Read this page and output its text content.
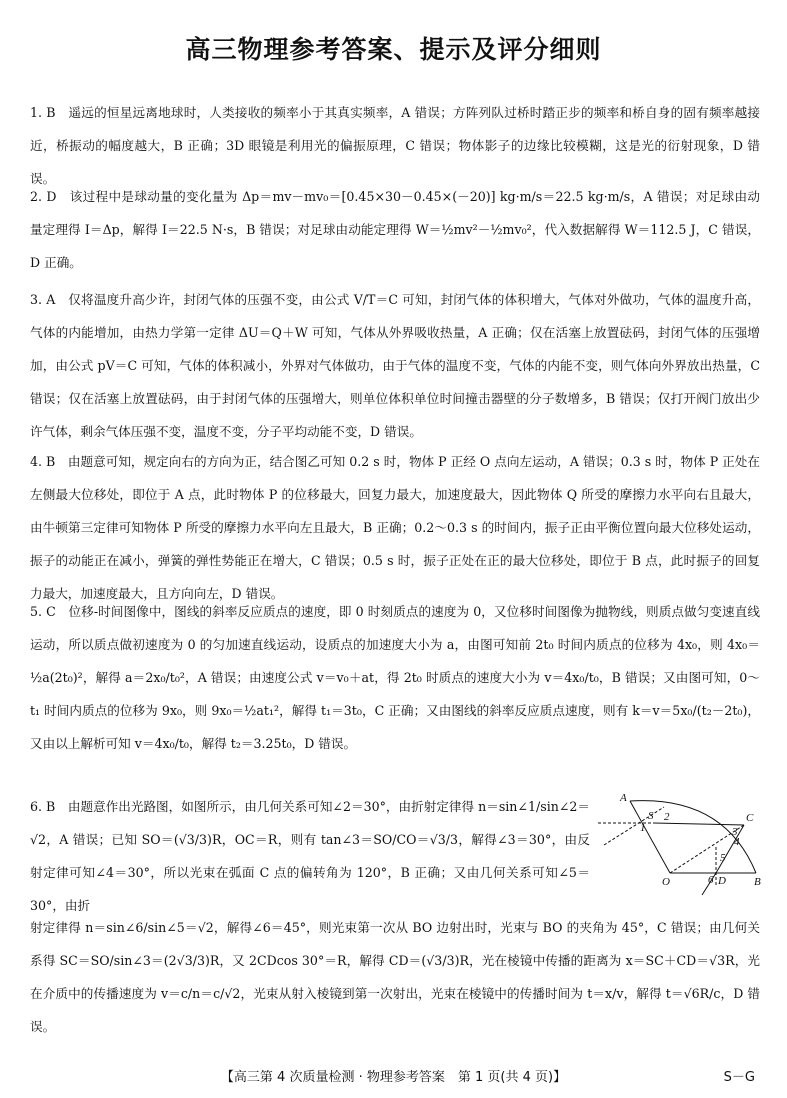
高三物理参考答案、提示及评分细则
1. B　遥远的恒星远离地球时，人类接收的频率小于其真实频率，A 错误；方阵列队过桥时踏正步的频率和桥自身的固有频率越接近，桥振动的幅度越大，B 正确；3D 眼镜是利用光的偏振原理，C 错误；物体影子的边缘比较模糊，这是光的衍射现象，D 错误。
2. D　该过程中是球动量的变化量为 Δp＝mv－mv₀＝[0.45×30－0.45×(－20)] kg·m/s＝22.5 kg·m/s，A 错误；对足球由动量定理得 I＝Δp，解得 I＝22.5 N·s，B 错误；对足球由动能定理得 W＝½mv²－½mv₀²，代入数据解得 W＝112.5 J，C 错误，D 正确。
3. A　仅将温度升高少许，封闭气体的压强不变，由公式 V/T＝C 可知，封闭气体的体积增大，气体对外做功，气体的温度升高，气体的内能增加，由热力学第一定律 ΔU＝Q＋W 可知，气体从外界吸收热量，A 正确；仅在活塞上放置砝码，封闭气体的压强增加，由公式 pV＝C 可知，气体的体积减小，外界对气体做功，由于气体的温度不变，气体的内能不变，则气体向外界放出热量，C 错误；仅在活塞上放置砝码，由于封闭气体的压强增大，则单位体积单位时间撞击器壁的分子数增多，B 错误；仅打开阀门放出少许气体，剩余气体压强不变，温度不变，分子平均动能不变，D 错误。
4. B　由题意可知，规定向右的方向为正，结合图乙可知 0.2 s 时，物体 P 正经 O 点向左运动，A 错误；0.3 s 时，物体 P 正处在左侧最大位移处，即位于 A 点，此时物体 P 的位移最大，回复力最大，加速度最大，因此物体 Q 所受的摩擦力水平向右且最大，由牛顿第三定律可知物体 P 所受的摩擦力水平向左且最大，B 正确；0.2～0.3 s 的时间内，振子正由平衡位置向最大位移处运动，振子的动能正在减小，弹簧的弹性势能正在增大，C 错误；0.5 s 时，振子正处在正的最大位移处，即位于 B 点，此时振子的回复力最大，加速度最大，且方向向左，D 错误。
5. C　位移-时间图像中，图线的斜率反应质点的速度，即 0 时刻质点的速度为 0，又位移时间图像为抛物线，则质点做匀变速直线运动，所以质点做初速度为 0 的匀加速直线运动，设质点的加速度大小为 a，由图可知前 2t₀ 时间内质点的位移为 4x₀，则 4x₀＝½a(2t₀)²，解得 a＝2x₀/t₀²，A 错误；由速度公式 v＝v₀＋at，得 2t₀ 时质点的速度大小为 v＝4x₀/t₀，B 错误；又由图可知，0～t₁ 时间内质点的位移为 9x₀，则 9x₀＝½at₁²，解得 t₁＝3t₀，C 正确；又由图线的斜率反应质点速度，则有 k＝v＝5x₀/(t₂－2t₀)，又由以上解析可知 v＝4x₀/t₀，解得 t₂＝3.25t₀，D 错误。
6. B　由题意作出光路图，如图所示，由几何关系可知∠2＝30°，由折射定律得 n＝sin∠1/sin∠2＝√2，A 错误；已知 SO＝(√3/3)R，OC＝R，则有 tan∠3＝SO/CO＝√3/3，解得∠3＝30°，由反射定律可知∠4＝30°，所以光束在弧面 C 点的偏转角为 120°，B 正确；又由几何关系可知∠5＝30°，由折
射定律得 n＝sin∠6/sin∠5＝√2，解得∠6＝45°，则光束第一次从 BO 边射出时，光束与 BO 的夹角为 45°，C 错误；由几何关系得 SC＝SO/sin∠3＝(2√3/3)R，又 2CDcos 30°＝R，解得 CD＝(√3/3)R，光在棱镜中传播的距离为 x＝SC＋CD＝√3R，光在介质中的传播速度为 v＝c/n＝c/√2，光束从射入棱镜到第一次射出，光束在棱镜中的传播时间为 t＝x/v，解得 t＝√6R/c，D 错误。
A
S	C
O	D	B
1
2
3
4
5
6
【高三第 4 次质量检测 · 物理参考答案　第 1 页(共 4 页)】	S－G
